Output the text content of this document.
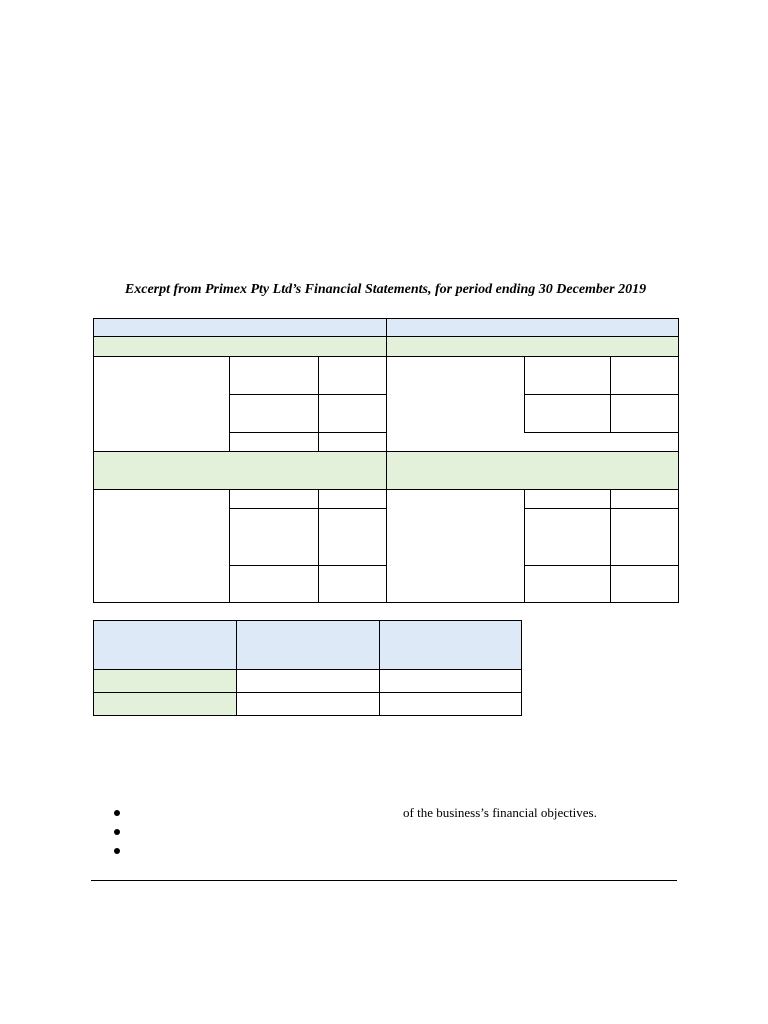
Excerpt from Primex Pty Ltd’s Financial Statements, for period ending 30 December 2019
of the business’s financial objectives.
